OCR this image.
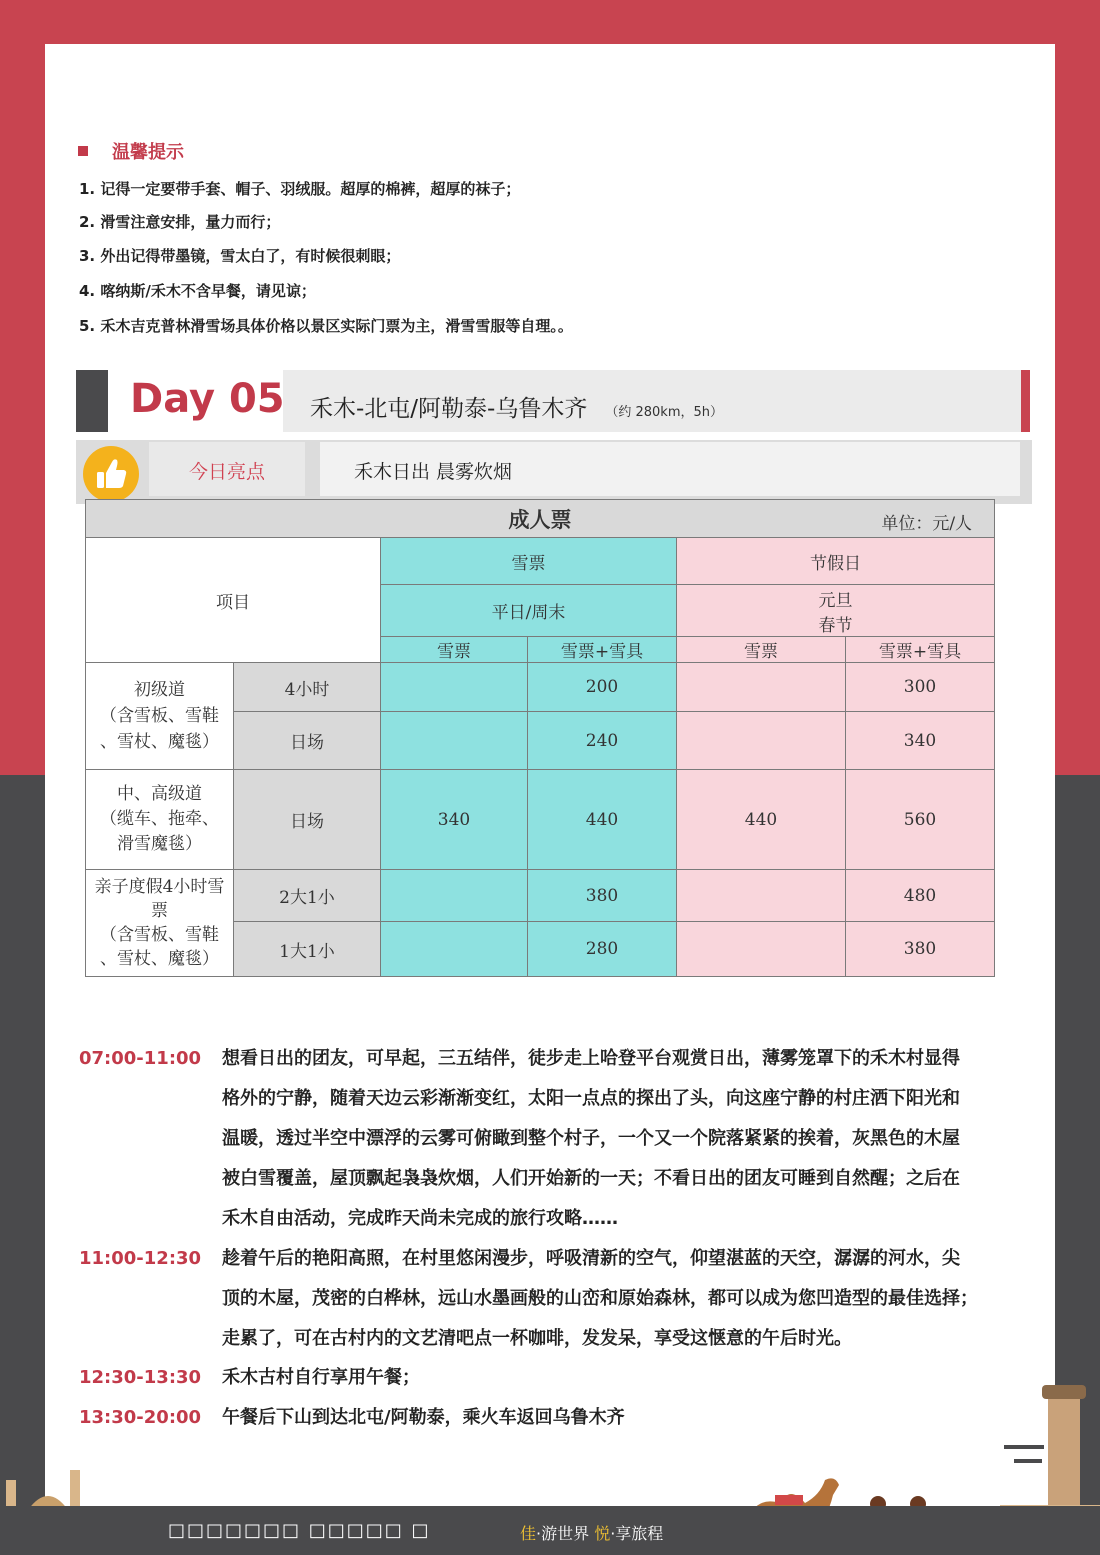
温馨提示
1. 记得一定要带手套、帽子、羽绒服。超厚的棉裤，超厚的袜子；
2. 滑雪注意安排，量力而行；
3. 外出记得带墨镜，雪太白了，有时候很刺眼；
4. 喀纳斯/禾木不含早餐，请见谅；
5. 禾木吉克普林滑雪场具体价格以景区实际门票为主，滑雪雪服等自理。。
Day 05 禾木-北屯/阿勒泰-乌鲁木齐 （约 280km，5h）
今日亮点	禾木日出 晨雾炊烟
成人票 单位：元/人					

项目		雪票		节假日	
		平日/周末		元旦
春节	

		雪票	雪票+雪具	雪票	雪票+雪具

初级道
（含雪板、雪鞋
、雪杖、魔毯）	4小时		200		300
	日场		240		340

中、高级道
（缆车、拖牵、
滑雪魔毯）	日场	340	440	440	560

亲子度假4小时雪
票
（含雪板、雪鞋
、雪杖、魔毯）	2大1小		380		480
	1大1小		280		380
07:00-11:00 想看日出的团友，可早起，三五结伴，徒步走上哈登平台观赏日出，薄雾笼罩下的禾木村显得
格外的宁静，随着天边云彩渐渐变红，太阳一点点的探出了头，向这座宁静的村庄洒下阳光和
温暖，透过半空中漂浮的云雾可俯瞰到整个村子，一个又一个院落紧紧的挨着，灰黑色的木屋
被白雪覆盖，屋顶飘起袅袅炊烟，人们开始新的一天；不看日出的团友可睡到自然醒；之后在
禾木自由活动，完成昨天尚未完成的旅行攻略……
11:00-12:30 趁着午后的艳阳高照，在村里悠闲漫步，呼吸清新的空气，仰望湛蓝的天空，潺潺的河水，尖
顶的木屋，茂密的白桦林，远山水墨画般的山峦和原始森林，都可以成为您凹造型的最佳选择；
走累了，可在古村内的文艺清吧点一杯咖啡，发发呆，享受这惬意的午后时光。
12:30-13:30 禾木古村自行享用午餐；
13:30-20:00 午餐后下山到达北屯/阿勒泰，乘火车返回乌鲁木齐
□□□□□□□ □□□□□ □	佳·游世界 悦·享旅程
